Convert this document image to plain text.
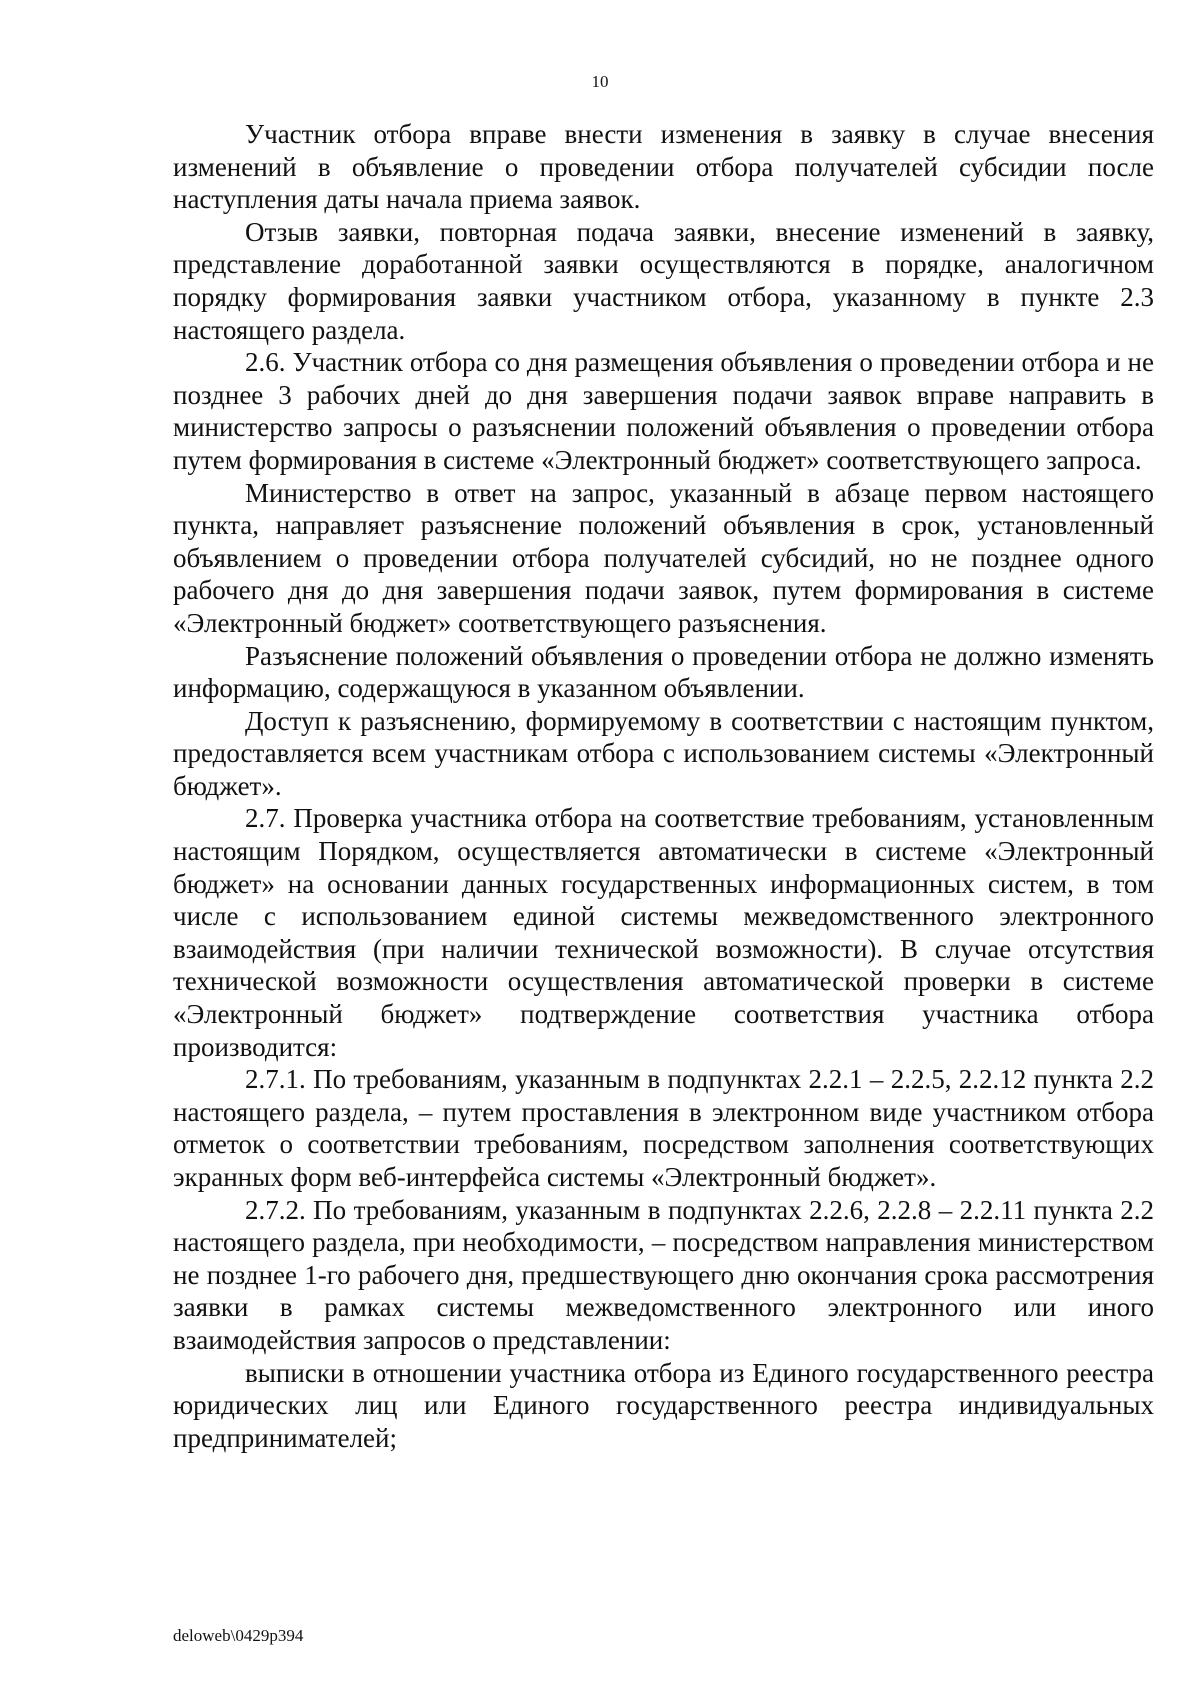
10

Участник отбора вправе внести изменения в заявку в случае внесения изменений в объявление о проведении отбора получателей субсидии после наступления даты начала приема заявок.

Отзыв заявки, повторная подача заявки, внесение изменений в заявку, представление доработанной заявки осуществляются в порядке, аналогичном порядку формирования заявки участником отбора, указанному в пункте 2.3 настоящего раздела.

2.6. Участник отбора со дня размещения объявления о проведении отбора и не позднее 3 рабочих дней до дня завершения подачи заявок вправе направить в министерство запросы о разъяснении положений объявления о проведении отбора путем формирования в системе «Электронный бюджет» соответствующего запроса.

Министерство в ответ на запрос, указанный в абзаце первом настоящего пункта, направляет разъяснение положений объявления в срок, установленный объявлением о проведении отбора получателей субсидий, но не позднее одного рабочего дня до дня завершения подачи заявок, путем формирования в системе «Электронный бюджет» соответствующего разъяснения.

Разъяснение положений объявления о проведении отбора не должно изменять информацию, содержащуюся в указанном объявлении.

Доступ к разъяснению, формируемому в соответствии с настоящим пунктом, предоставляется всем участникам отбора с использованием системы «Электронный бюджет».

2.7. Проверка участника отбора на соответствие требованиям, установленным настоящим Порядком, осуществляется автоматически в системе «Электронный бюджет» на основании данных государственных информационных систем, в том числе с использованием единой системы межведомственного электронного взаимодействия (при наличии технической возможности). В случае отсутствия технической возможности осуществления автоматической проверки в системе «Электронный бюджет» подтверждение соответствия участника отбора производится:

2.7.1. По требованиям, указанным в подпунктах 2.2.1 – 2.2.5, 2.2.12 пункта 2.2 настоящего раздела, – путем проставления в электронном виде участником отбора отметок о соответствии требованиям, посредством заполнения соответствующих экранных форм веб-интерфейса системы «Электронный бюджет».

2.7.2. По требованиям, указанным в подпунктах 2.2.6, 2.2.8 – 2.2.11 пункта 2.2 настоящего раздела, при необходимости, – посредством направления министерством не позднее 1-го рабочего дня, предшествующего дню окончания срока рассмотрения заявки в рамках системы межведомственного электронного или иного взаимодействия запросов о представлении:

выписки в отношении участника отбора из Единого государственного реестра юридических лиц или Единого государственного реестра индивидуальных предпринимателей;

deloweb\0429p394
